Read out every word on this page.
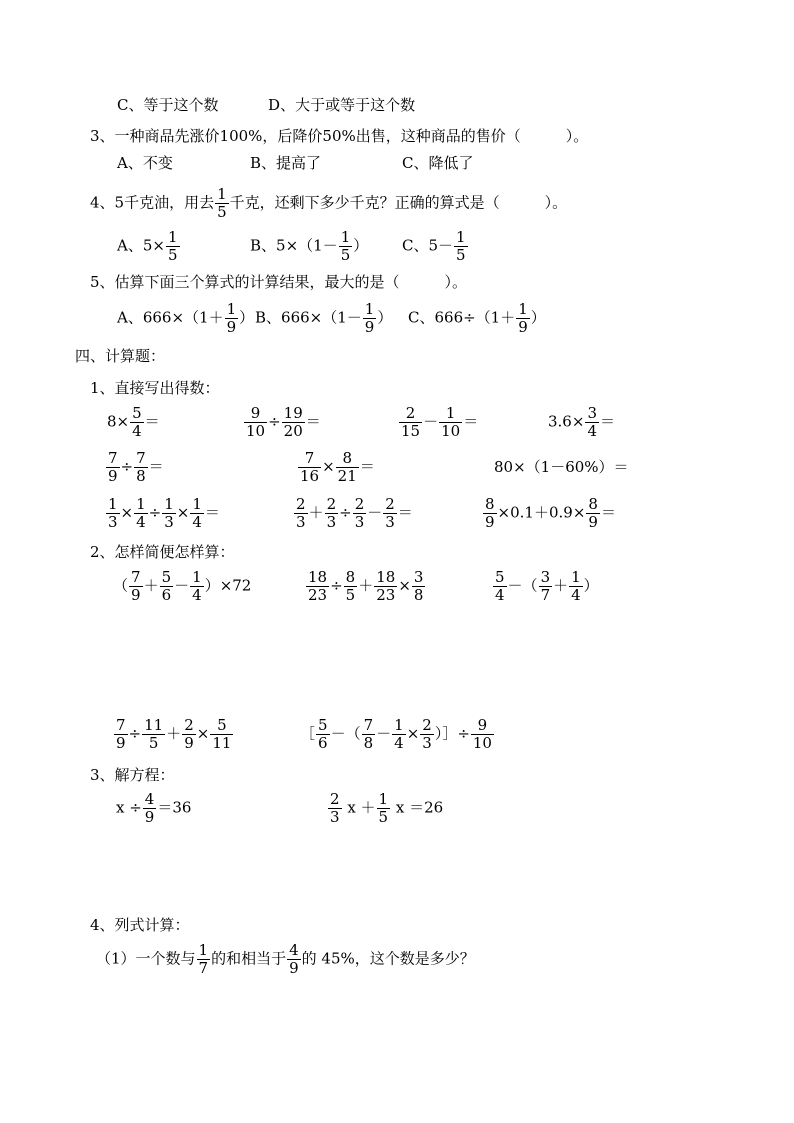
C、等于这个数	D、大于或等于这个数
3、一种商品先涨价100%，后降价50%出售，这种商品的售价（　　　）。
A、不变	B、提高了	C、降低了
4、5千克油，用去 $\frac{1}{5}$ 千克，还剩下多少千克？正确的算式是（　　　）。
A、$5\times \frac{1}{5}$	B、$5\times(1- \frac{1}{5}$ ） C、$5- \frac{1}{5}$
5、估算下面三个算式的计算结果，最大的是（　　　）。
A、$666\times(1+ \frac{1}{9}$ ） B、$666\times(1- \frac{1}{9}$ ） C、$666\div(1+ \frac{1}{9}$ ）
四、计算题：
1、直接写出得数：
$8\times \frac{5}{4}$ ＝	$\frac{9}{10} \div \frac{19}{20}$ ＝	$\frac{2}{15} - \frac{1}{10}$ ＝	$3.6\times \frac{3}{4}$ ＝
$\frac{7}{9} \div \frac{7}{8}$ ＝	$\frac{7}{16} \times \frac{8}{21}$ ＝	80×（1－60%）＝
$\frac{1}{3} \times \frac{1}{4} \div \frac{1}{3} \times \frac{1}{4}$ ＝	$\frac{2}{3} + \frac{2}{3} \div \frac{2}{3} - \frac{2}{3}$ ＝	$\frac{8}{9} \times 0.1+0.9\times \frac{8}{9}$ ＝
2、怎样简便怎样算：
（ $\frac{7}{9} + \frac{5}{6} - \frac{1}{4} )\times 72$	$\frac{18}{23} \div \frac{8}{5} + \frac{18}{23} \times \frac{3}{8}$	$\frac{5}{4}$ －（ $\frac{3}{7} + \frac{1}{4}$ ）
$\frac{7}{9} \div \frac{11}{5} + \frac{2}{9} \times \frac{5}{11}$	［ $\frac{5}{6}$ －（ $\frac{7}{8} - \frac{1}{4} \times \frac{2}{3}$ ）］÷ $\frac{9}{10}$
3、解方程：
$x \div \frac{4}{9} =36$	$\frac{2}{3}$ $x + \frac{1}{5}$ x ＝26
4、列式计算：
（1）一个数与 $\frac{1}{7}$ 的和相当于 $\frac{4}{9}$ 的 45%，这个数是多少？
